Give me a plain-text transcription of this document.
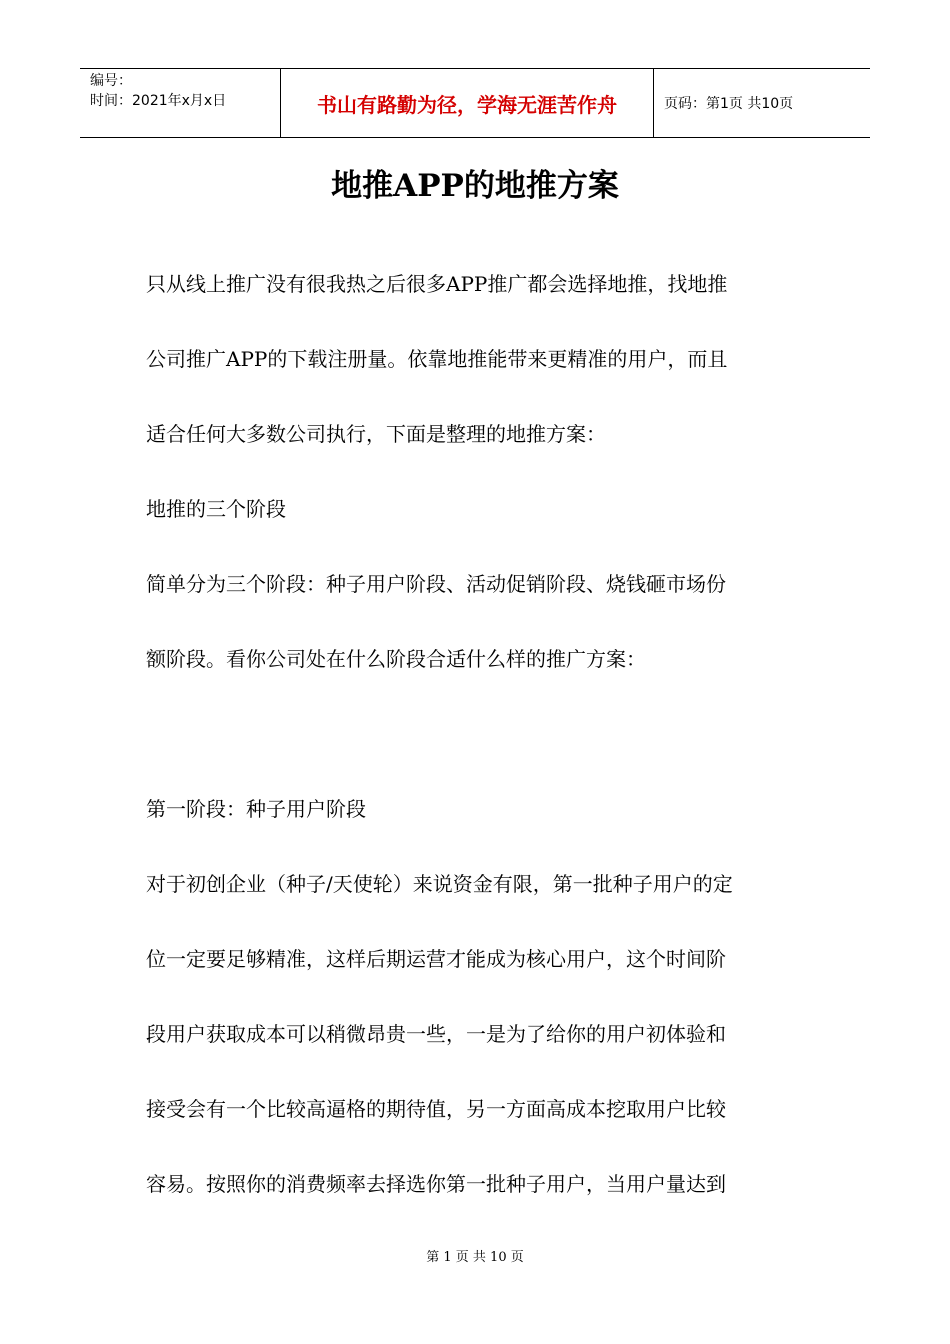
编号：
时间：2021年x月x日	书山有路勤为径，学海无涯苦作舟	页码：第1页 共10页
地推APP的地推方案
只从线上推广没有很我热之后很多APP推广都会选择地推，找地推
公司推广APP的下载注册量。依靠地推能带来更精准的用户，而且
适合任何大多数公司执行，下面是整理的地推方案：
地推的三个阶段
简单分为三个阶段：种子用户阶段、活动促销阶段、烧钱砸市场份
额阶段。看你公司处在什么阶段合适什么样的推广方案：
第一阶段：种子用户阶段
对于初创企业（种子/天使轮）来说资金有限，第一批种子用户的定
位一定要足够精准，这样后期运营才能成为核心用户，这个时间阶
段用户获取成本可以稍微昂贵一些，一是为了给你的用户初体验和
接受会有一个比较高逼格的期待值，另一方面高成本挖取用户比较
容易。按照你的消费频率去择选你第一批种子用户，当用户量达到
第 1 页 共 10 页
